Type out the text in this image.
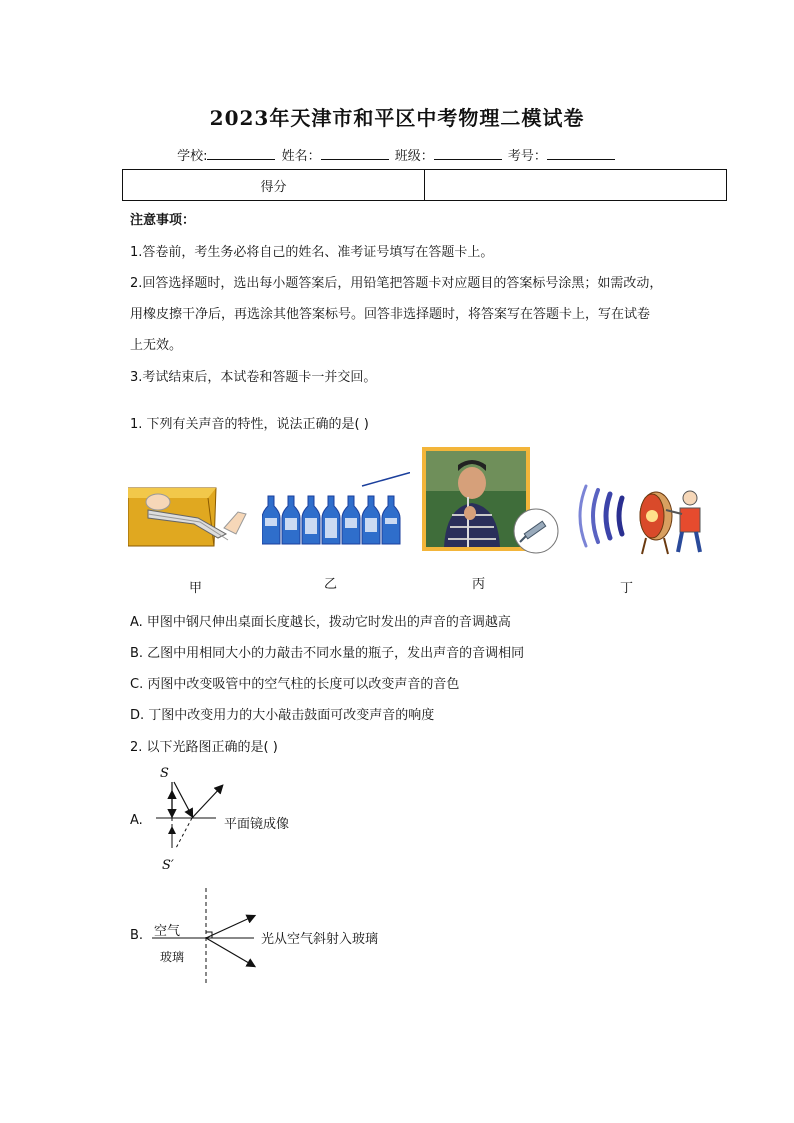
2023年天津市和平区中考物理二模试卷
学校:	姓名：	班级：	考号：
得分	
注意事项：
1.答卷前，考生务必将自己的姓名、准考证号填写在答题卡上。
2.回答选择题时，选出每小题答案后，用铅笔把答题卡对应题目的答案标号涂黑；如需改动，
用橡皮擦干净后，再选涂其他答案标号。回答非选择题时，将答案写在答题卡上，写在试卷
上无效。
3.考试结束后，本试卷和答题卡一并交回。
1. 下列有关声音的特性，说法正确的是( )
甲	乙	丙	丁
A. 甲图中钢尺伸出桌面长度越长，拨动它时发出的声音的音调越高
B. 乙图中用相同大小的力敲击不同水量的瓶子，发出声音的音调相同
C. 丙图中改变吸管中的空气柱的长度可以改变声音的音色
D. 丁图中改变用力的大小敲击鼓面可改变声音的响度
2. 以下光路图正确的是( )
A.
S
S′
平面镜成像
B. 空气
玻璃
光从空气斜射入玻璃
